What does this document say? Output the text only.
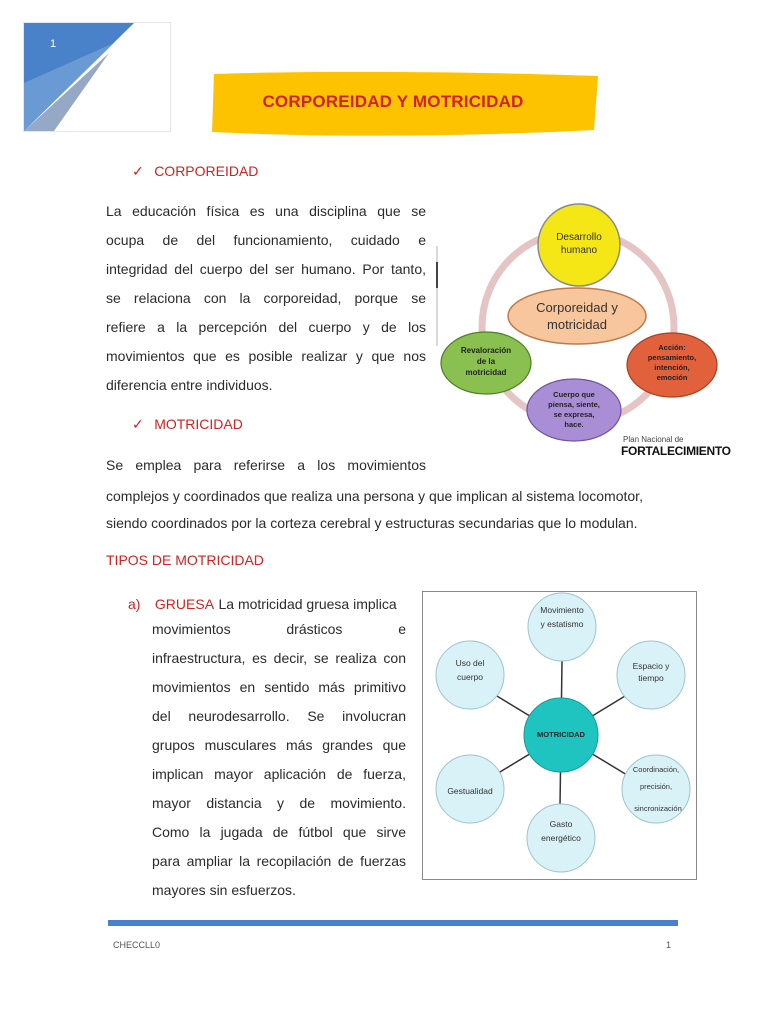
1
CORPOREIDAD Y MOTRICIDAD
✓ CORPOREIDAD
La educación física es una disciplina que se
ocupa de del funcionamiento, cuidado e
integridad del cuerpo del ser humano. Por tanto,
se relaciona con la corporeidad, porque se
refiere a la percepción del cuerpo y de los
movimientos que es posible realizar y que nos
diferencia entre individuos.
Desarrollo
humano
Corporeidad y
motricidad
Acción:
pensamiento,
intención,
emoción
Cuerpo que
piensa, siente,
se expresa,
hace.
Revaloración
de la
motricidad
Plan Nacional de
FORTALECIMIENTO
✓ MOTRICIDAD
Se emplea para referirse a los movimientos
complejos y coordinados que realiza una persona y que implican al sistema locomotor,
siendo coordinados por la corteza cerebral y estructuras secundarias que lo modulan.
TIPOS DE MOTRICIDAD
a) GRUESA La motricidad gruesa implica
movimientos drásticos e
infraestructura, es decir, se realiza con
movimientos en sentido más primitivo
del neurodesarrollo. Se involucran
grupos musculares más grandes que
implican mayor aplicación de fuerza,
mayor distancia y de movimiento.
Como la jugada de fútbol que sirve
para ampliar la recopilación de fuerzas
mayores sin esfuerzos.
Movimiento
y estatismo
Espacio y
tiempo
Coordinación,
precisión,
sincronización
Gasto
energético
Gestualidad
Uso del
cuerpo
MOTRICIDAD
CHECCLL0	1
